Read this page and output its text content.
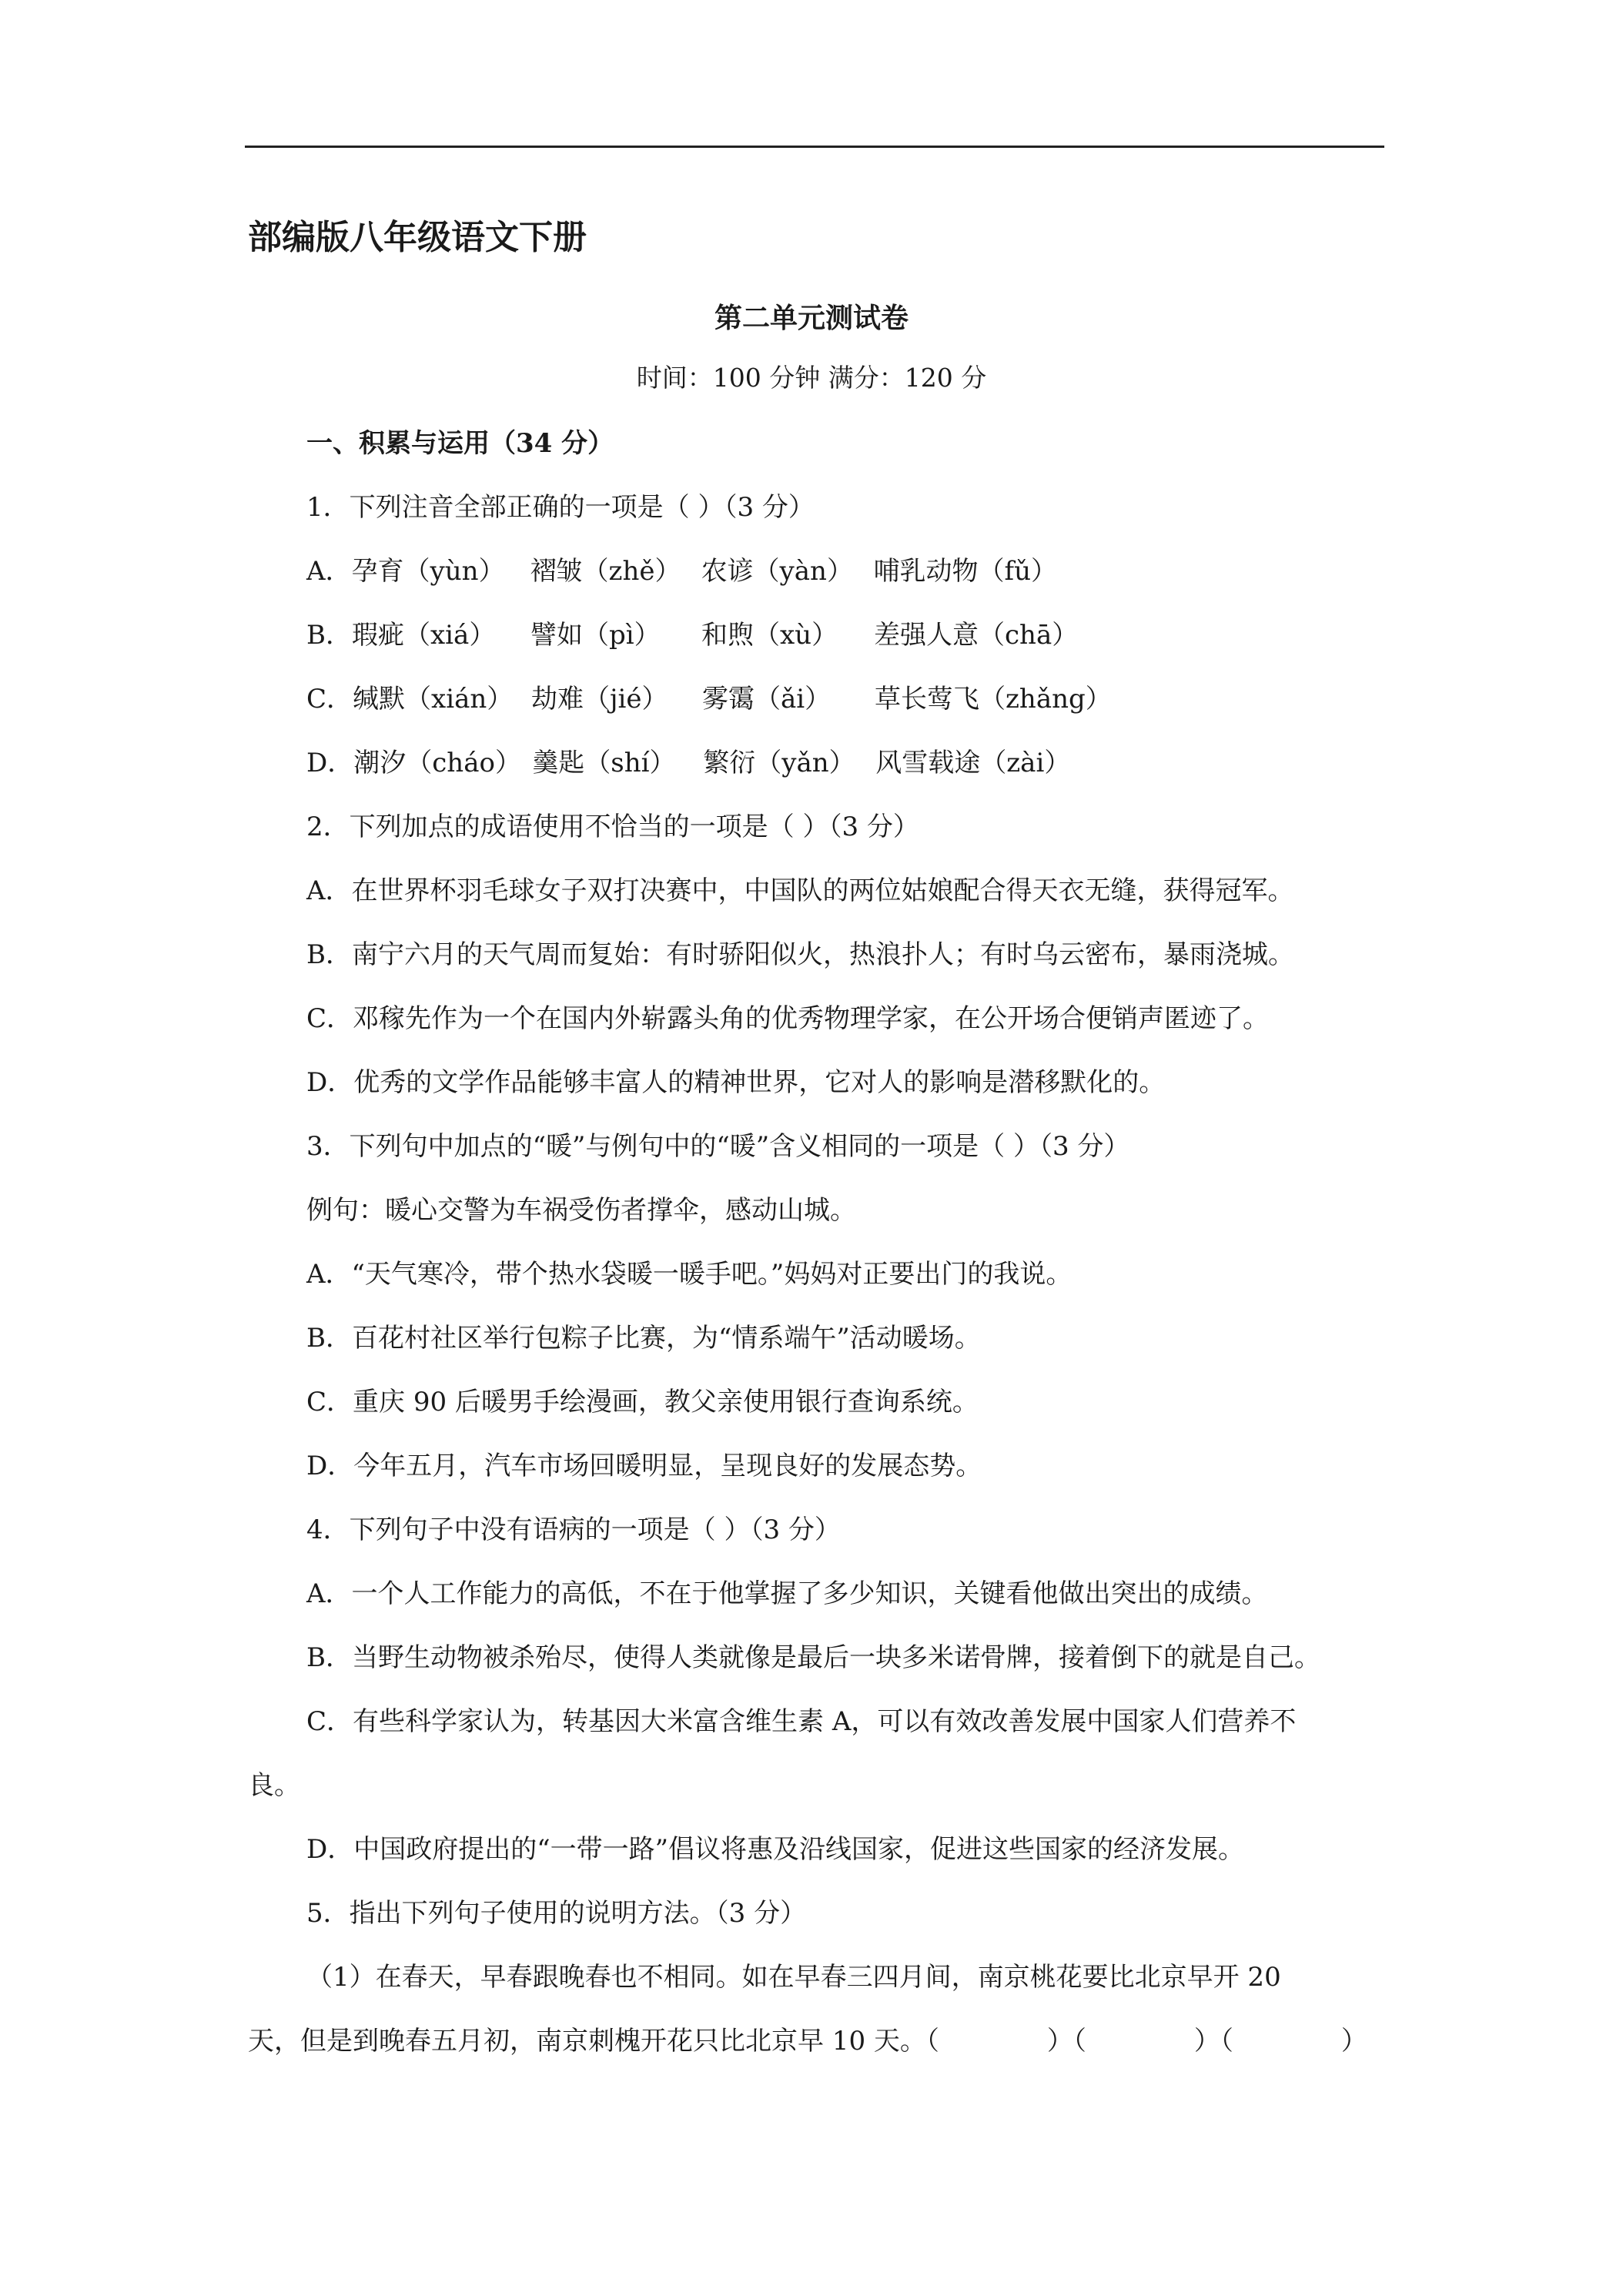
部编版八年级语文下册
第二单元测试卷
时间：100 分钟 满分：120 分
一、积累与运用（34 分）
1．下列注音全部正确的一项是（ ）（3 分）
A． 孕育（yùn） 褶皱（zhě） 农谚（yàn） 哺乳动物（fǔ）
B． 瑕疵（xiá）	譬如（pì）	和煦（xù）	差强人意（chā）
C． 缄默（xián） 劫难（jié）	雾霭（ǎi）	草长莺飞（zhǎng）
D． 潮汐（cháo） 羹匙（shí）	繁衍（yǎn） 风雪载途（zài）
2．下列加点的成语使用不恰当的一项是（ ）（3 分）
A．在世界杯羽毛球女子双打决赛中，中国队的两位姑娘配合得天衣无缝，获得冠军。
B．南宁六月的天气周而复始：有时骄阳似火，热浪扑人；有时乌云密布，暴雨浇城。
C．邓稼先作为一个在国内外崭露头角的优秀物理学家，在公开场合便销声匿迹了。
D．优秀的文学作品能够丰富人的精神世界，它对人的影响是潜移默化的。
3．下列句中加点的“暖”与例句中的“暖”含义相同的一项是（ ）（3 分）
例句：暖心交警为车祸受伤者撑伞，感动山城。
A．“天气寒冷，带个热水袋暖一暖手吧。”妈妈对正要出门的我说。
B．百花村社区举行包粽子比赛，为“情系端午”活动暖场。
C．重庆 90 后暖男手绘漫画，教父亲使用银行查询系统。
D．今年五月，汽车市场回暖明显，呈现良好的发展态势。
4．下列句子中没有语病的一项是（ ）（3 分）
A．一个人工作能力的高低，不在于他掌握了多少知识，关键看他做出突出的成绩。
B．当野生动物被杀殆尽，使得人类就像是最后一块多米诺骨牌，接着倒下的就是自己。
C．有些科学家认为，转基因大米富含维生素 A，可以有效改善发展中国家人们营养不
良。
D．中国政府提出的“一带一路”倡议将惠及沿线国家，促进这些国家的经济发展。
5．指出下列句子使用的说明方法。（3 分）
（1）在春天，早春跟晚春也不相同。如在早春三四月间，南京桃花要比北京早开 20
天，但是到晚春五月初，南京刺槐开花只比北京早 10 天。（	）（	）（	）
